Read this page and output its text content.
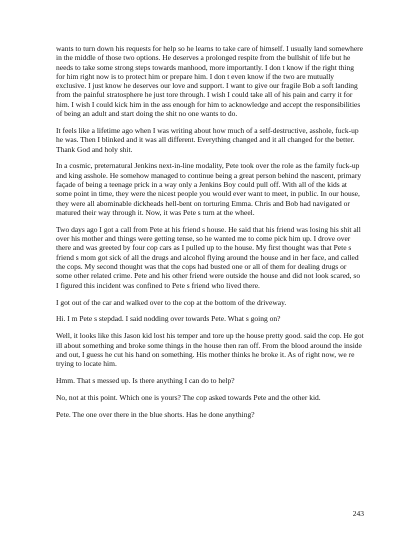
wants to turn down his requests for help so he learns to take care of himself. I usually land somewhere in the middle of those two options. He deserves a prolonged respite from the bullshit of life but he needs to take some strong steps towards manhood, more importantly. I don t know if the right thing for him right now is to protect him or prepare him. I don t even know if the two are mutually exclusive. I just know he deserves our love and support. I want to give our fragile Bob a soft landing from the painful stratosphere he just tore through. I wish I could take all of his pain and carry it for him. I wish I could kick him in the ass enough for him to acknowledge and accept the responsibilities of being an adult and start doing the shit no one wants to do.

It feels like a lifetime ago when I was writing about how much of a self-destructive, asshole, fuck-up he was. Then I blinked and it was all different. Everything changed and it all changed for the better. Thank God and holy shit.

In a cosmic, preternatural Jenkins next-in-line modality, Pete took over the role as the family fuck-up and king asshole. He somehow managed to continue being a great person behind the nascent, primary façade of being a teenage prick in a way only a Jenkins Boy could pull off. With all of the kids at some point in time, they were the nicest people you would ever want to meet, in public. In our house, they were all abominable dickheads hell-bent on torturing Emma. Chris and Bob had navigated or matured their way through it. Now, it was Pete s turn at the wheel.

Two days ago I got a call from Pete at his friend s house. He said that his friend was losing his shit all over his mother and things were getting tense, so he wanted me to come pick him up. I drove over there and was greeted by four cop cars as I pulled up to the house. My first thought was that Pete s friend s mom got sick of all the drugs and alcohol flying around the house and in her face, and called the cops. My second thought was that the cops had busted one or all of them for dealing drugs or some other related crime. Pete and his other friend were outside the house and did not look scared, so I figured this incident was confined to Pete s friend who lived there.

I got out of the car and walked over to the cop at the bottom of the driveway.

Hi. I m Pete s stepdad. I said nodding over towards Pete. What s going on?

Well, it looks like this Jason kid lost his temper and tore up the house pretty good. said the cop. He got ill about something and broke some things in the house then ran off. From the blood around the inside and out, I guess he cut his hand on something. His mother thinks he broke it. As of right now, we re trying to locate him.

Hmm. That s messed up. Is there anything I can do to help?

No, not at this point. Which one is yours? The cop asked towards Pete and the other kid.

Pete. The one over there in the blue shorts. Has he done anything?

243
